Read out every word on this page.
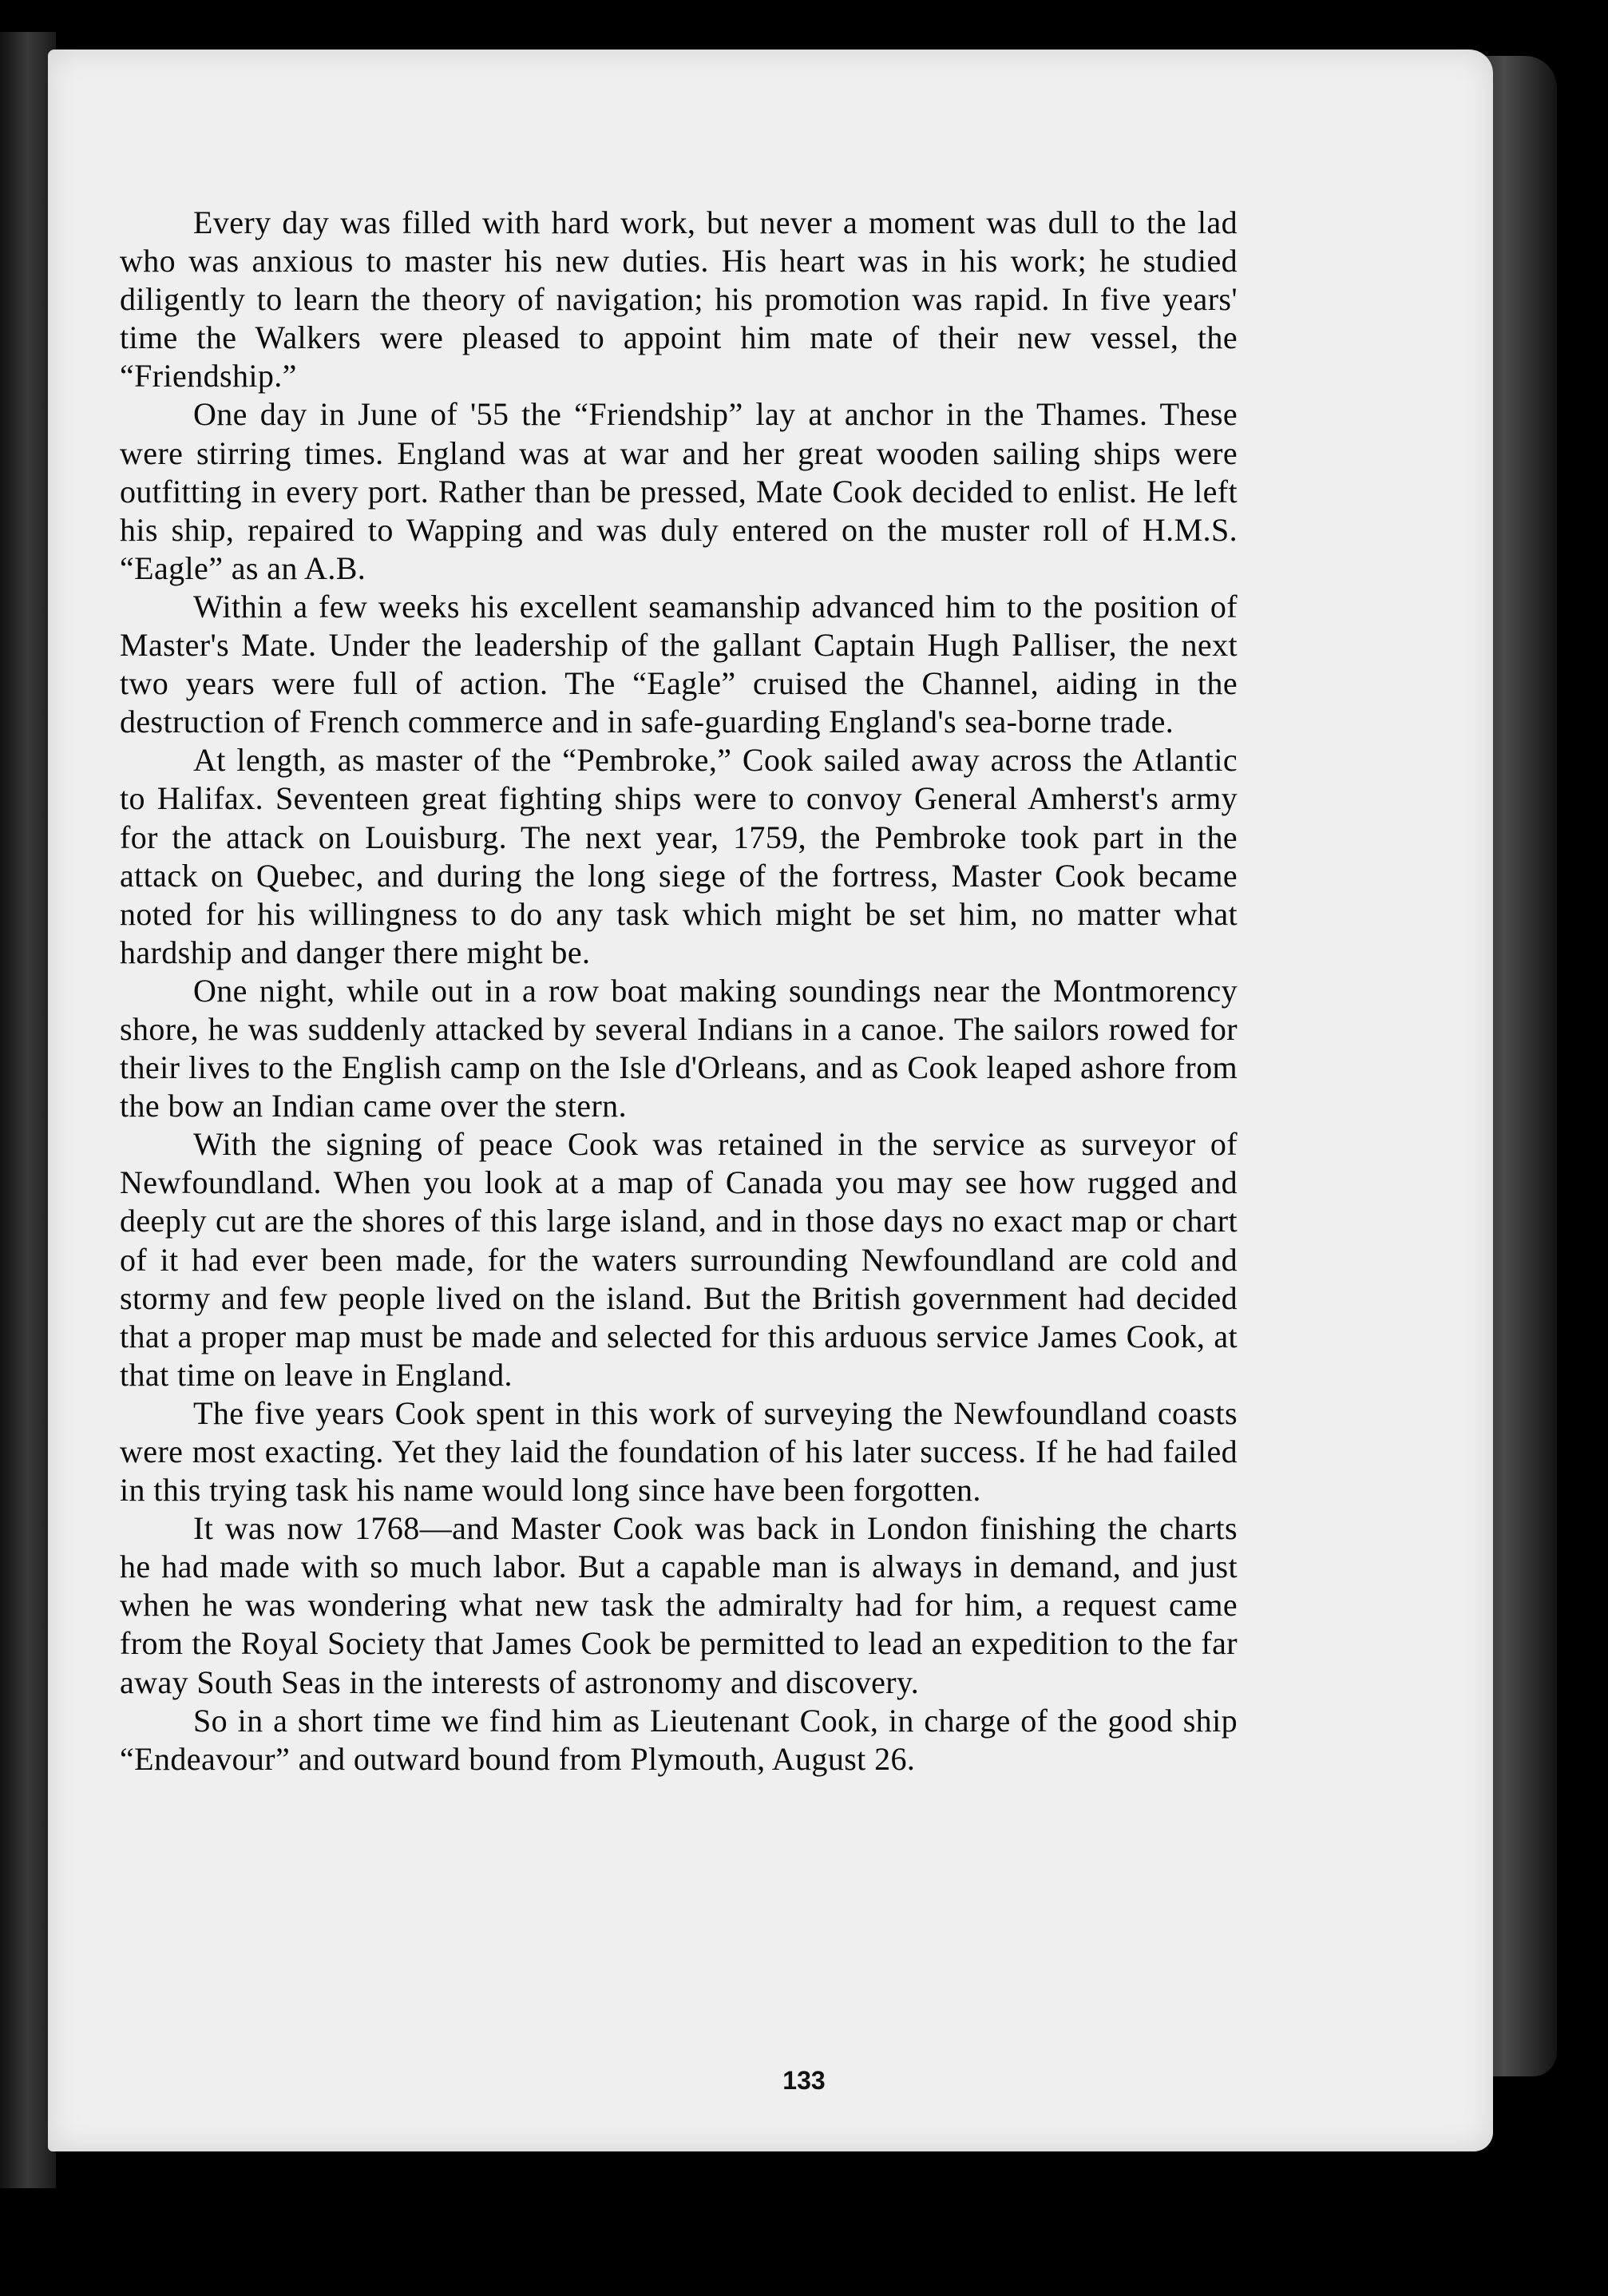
Every day was filled with hard work, but never a moment was dull to the lad who was anxious to master his new duties. His heart was in his work; he studied diligently to learn the theory of navigation; his promotion was rapid. In five years' time the Walkers were pleased to appoint him mate of their new vessel, the “Friendship.”

One day in June of '55 the “Friendship” lay at anchor in the Thames. These were stirring times. England was at war and her great wooden sailing ships were outfitting in every port. Rather than be pressed, Mate Cook decided to enlist. He left his ship, repaired to Wapping and was duly entered on the muster roll of H.M.S. “Eagle” as an A.B.

Within a few weeks his excellent seamanship advanced him to the position of Master's Mate. Under the leadership of the gallant Captain Hugh Palliser, the next two years were full of action. The “Eagle” cruised the Channel, aiding in the destruction of French commerce and in safe-guarding England's sea-borne trade.

At length, as master of the “Pembroke,” Cook sailed away across the Atlantic to Halifax. Seventeen great fighting ships were to convoy General Amherst's army for the attack on Louisburg. The next year, 1759, the Pembroke took part in the attack on Quebec, and during the long siege of the fortress, Master Cook became noted for his willingness to do any task which might be set him, no matter what hardship and danger there might be.

One night, while out in a row boat making soundings near the Montmorency shore, he was suddenly attacked by several Indians in a canoe. The sailors rowed for their lives to the English camp on the Isle d'Orleans, and as Cook leaped ashore from the bow an Indian came over the stern.

With the signing of peace Cook was retained in the service as surveyor of Newfoundland. When you look at a map of Canada you may see how rugged and deeply cut are the shores of this large island, and in those days no exact map or chart of it had ever been made, for the waters surrounding Newfoundland are cold and stormy and few people lived on the island. But the British government had decided that a proper map must be made and selected for this arduous service James Cook, at that time on leave in England.

The five years Cook spent in this work of surveying the Newfoundland coasts were most exacting. Yet they laid the foundation of his later success. If he had failed in this trying task his name would long since have been forgotten.

It was now 1768—and Master Cook was back in London finishing the charts he had made with so much labor. But a capable man is always in demand, and just when he was wondering what new task the admiralty had for him, a request came from the Royal Society that James Cook be permitted to lead an expedition to the far away South Seas in the interests of astronomy and discovery.

So in a short time we find him as Lieutenant Cook, in charge of the good ship “Endeavour” and outward bound from Plymouth, August 26.

133
